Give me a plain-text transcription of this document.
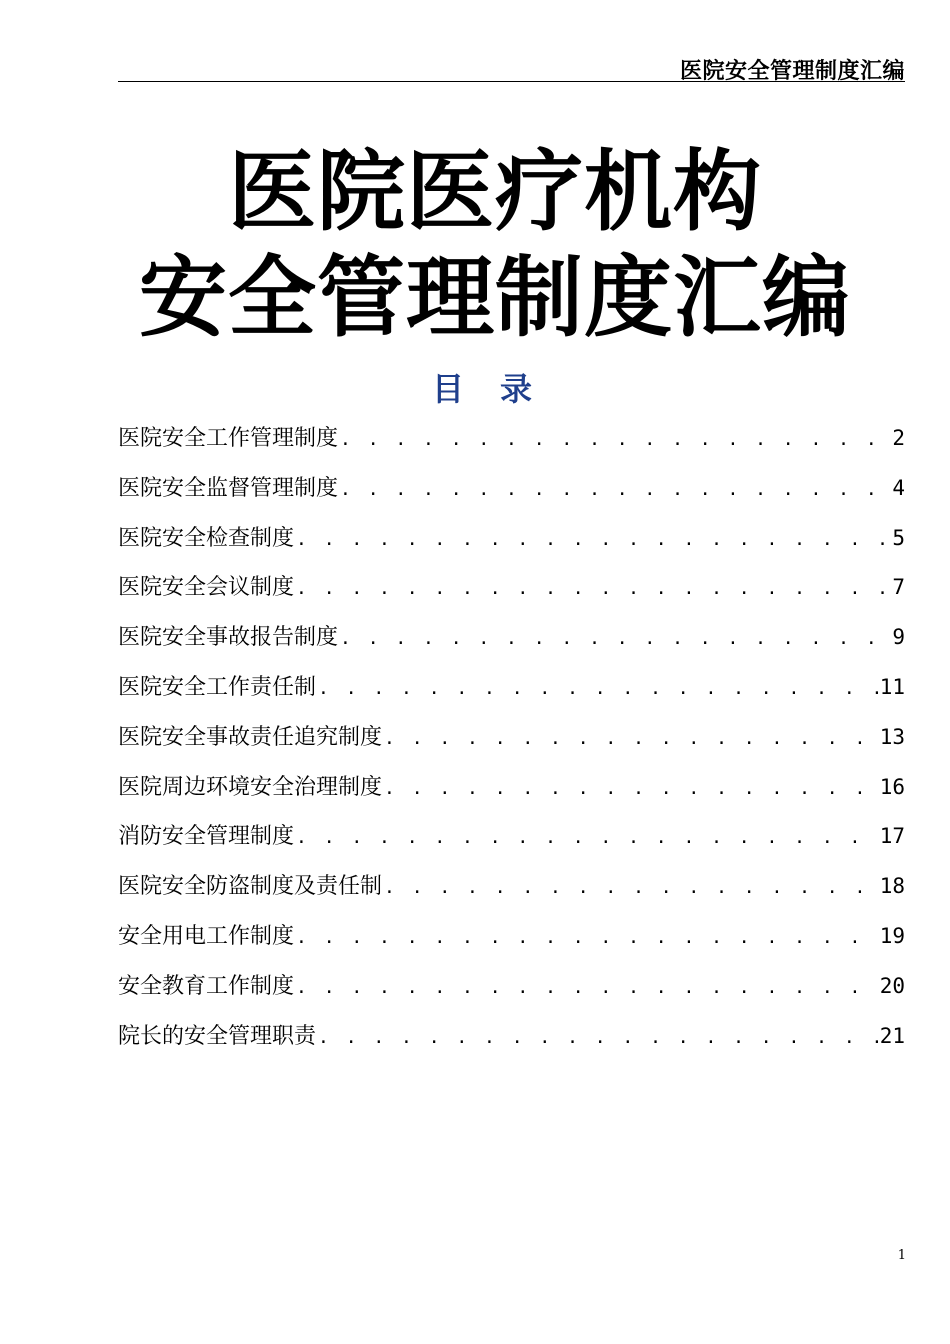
医院安全管理制度汇编
医院医疗机构
安全管理制度汇编
目录
医院安全工作管理制度 . . .	2
医院安全监督管理制度 . . .	4
医院安全检查制度 . . .	5
医院安全会议制度 . . .	7
医院安全事故报告制度 . . .	9
医院安全工作责任制 . . .	11
医院安全事故责任追究制度 . . .	13
医院周边环境安全治理制度 . . .	16
消防安全管理制度 . . .	17
医院安全防盗制度及责任制 . . .	18
安全用电工作制度 . . .	19
安全教育工作制度 . . .	20
院长的安全管理职责 . . .	21
1
